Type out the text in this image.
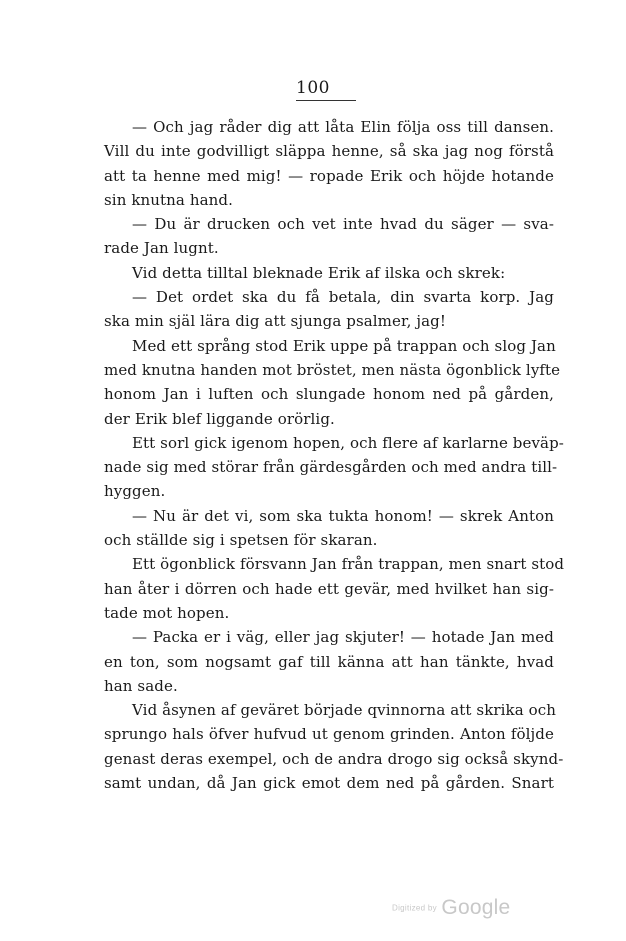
100
— Och jag råder dig att låta Elin följa oss till dansen.
Vill du inte godvilligt släppa henne, så ska jag nog förstå
att ta henne med mig! — ropade Erik och höjde hotande
sin knutna hand.
— Du är drucken och vet inte hvad du säger — sva-
rade Jan lugnt.
Vid detta tilltal bleknade Erik af ilska och skrek:
— Det ordet ska du få betala, din svarta korp. Jag
ska min själ lära dig att sjunga psalmer, jag!
Med ett språng stod Erik uppe på trappan och slog Jan
med knutna handen mot bröstet, men nästa ögonblick lyfte
honom Jan i luften och slungade honom ned på gården,
der Erik blef liggande orörlig.
Ett sorl gick igenom hopen, och flere af karlarne beväp-
nade sig med störar från gärdesgården och med andra till-
hyggen.
— Nu är det vi, som ska tukta honom! — skrek Anton
och ställde sig i spetsen för skaran.
Ett ögonblick försvann Jan från trappan, men snart stod
han åter i dörren och hade ett gevär, med hvilket han sig-
tade mot hopen.
— Packa er i väg, eller jag skjuter! — hotade Jan med
en ton, som nogsamt gaf till känna att han tänkte, hvad
han sade.
Vid åsynen af geväret började qvinnorna att skrika och
sprungo hals öfver hufvud ut genom grinden. Anton följde
genast deras exempel, och de andra drogo sig också skynd-
samt undan, då Jan gick emot dem ned på gården. Snart
Digitized by Google
